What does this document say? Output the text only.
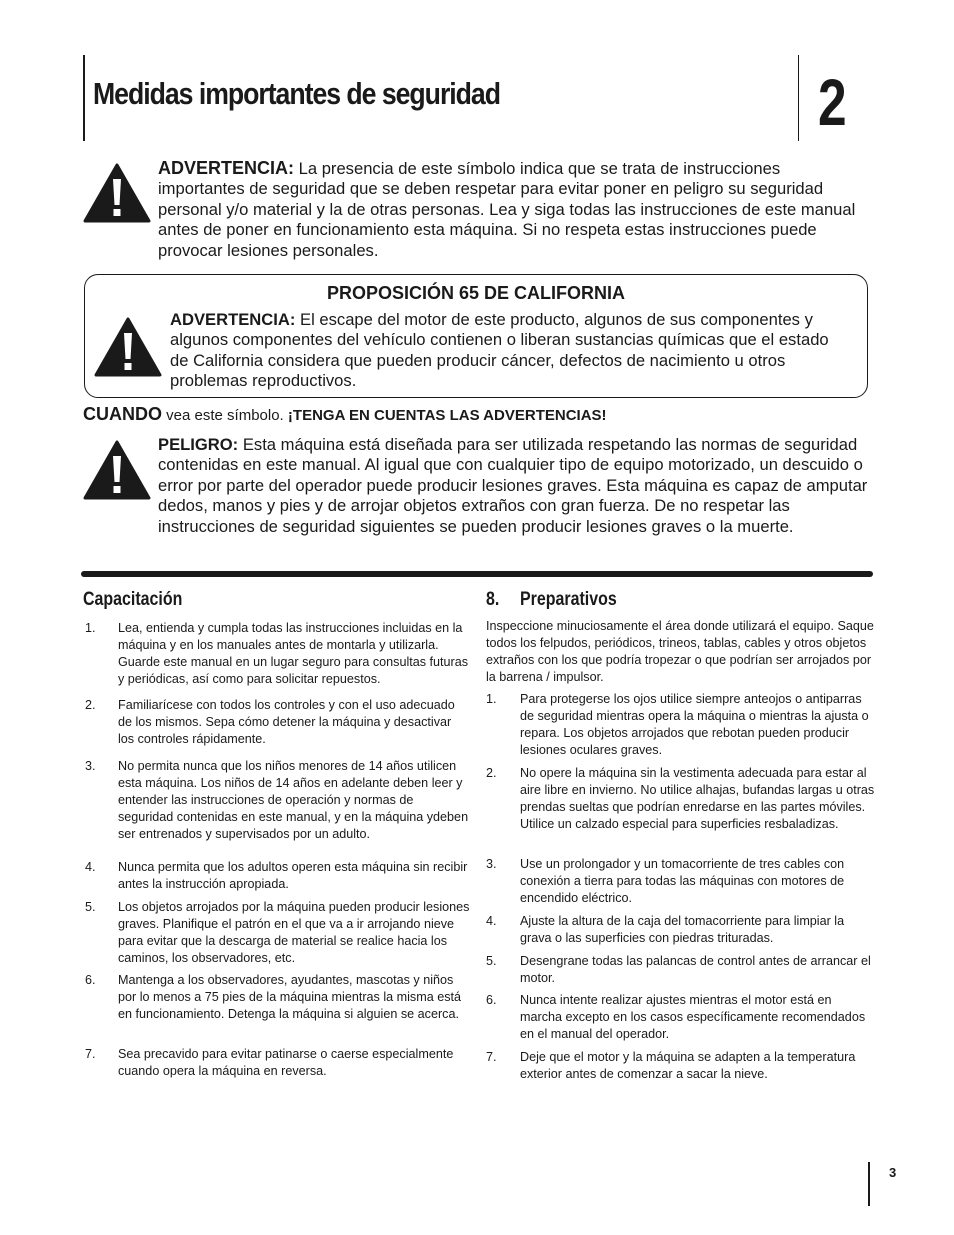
Medidas importantes de seguridad	2
ADVERTENCIA: La presencia de este símbolo indica que se trata de instrucciones importantes de seguridad que se deben respetar para evitar poner en peligro su seguridad personal y/o material y la de otras personas. Lea y siga todas las instrucciones de este manual antes de poner en funcionamiento esta máquina. Si no respeta estas instrucciones puede provocar lesiones personales.
PROPOSICIÓN 65 DE CALIFORNIA
ADVERTENCIA: El escape del motor de este producto, algunos de sus componentes y algunos componentes del vehículo contienen o liberan sustancias químicas que el estado de California considera que pueden producir cáncer, defectos de nacimiento u otros problemas reproductivos.
CUANDO vea este símbolo. ¡TENGA EN CUENTAS LAS ADVERTENCIAS!
PELIGRO: Esta máquina está diseñada para ser utilizada respetando las normas de seguridad contenidas en este manual. Al igual que con cualquier tipo de equipo motorizado, un descuido o error por parte del operador puede producir lesiones graves. Esta máquina es capaz de amputar dedos, manos y pies y de arrojar objetos extraños con gran fuerza. De no respetar las instrucciones de seguridad siguientes se pueden producir lesiones graves o la muerte.
Capacitación
1. Lea, entienda y cumpla todas las instrucciones incluidas en la máquina y en los manuales antes de montarla y utilizarla. Guarde este manual en un lugar seguro para consultas futuras y periódicas, así como para solicitar repuestos.
2. Familiarícese con todos los controles y con el uso adecuado de los mismos. Sepa cómo detener la máquina y desactivar los controles rápidamente.
3. No permita nunca que los niños menores de 14 años utilicen esta máquina. Los niños de 14 años en adelante deben leer y entender las instrucciones de operación y normas de seguridad contenidas en este manual, y en la máquina ydeben ser entrenados y supervisados por un adulto.
4. Nunca permita que los adultos operen esta máquina sin recibir antes la instrucción apropiada.
5. Los objetos arrojados por la máquina pueden producir lesiones graves. Planifique el patrón en el que va a ir arrojando nieve para evitar que la descarga de material se realice hacia los caminos, los observadores, etc.
6. Mantenga a los observadores, ayudantes, mascotas y niños por lo menos a 75 pies de la máquina mientras la misma está en funcionamiento. Detenga la máquina si alguien se acerca.
7. Sea precavido para evitar patinarse o caerse especialmente cuando opera la máquina en reversa.
8. Preparativos
Inspeccione minuciosamente el área donde utilizará el equipo. Saque todos los felpudos, periódicos, trineos, tablas, cables y otros objetos extraños con los que podría tropezar o que podrían ser arrojados por la barrena / impulsor.
1. Para protegerse los ojos utilice siempre anteojos o antiparras de seguridad mientras opera la máquina o mientras la ajusta o repara. Los objetos arrojados que rebotan pueden producir lesiones oculares graves.
2. No opere la máquina sin la vestimenta adecuada para estar al aire libre en invierno. No utilice alhajas, bufandas largas u otras prendas sueltas que podrían enredarse en las partes móviles. Utilice un calzado especial para superficies resbaladizas.
3. Use un prolongador y un tomacorriente de tres cables con conexión a tierra para todas las máquinas con motores de encendido eléctrico.
4. Ajuste la altura de la caja del tomacorriente para limpiar la grava o las superficies con piedras trituradas.
5. Desengrane todas las palancas de control antes de arrancar el motor.
6. Nunca intente realizar ajustes mientras el motor está en marcha excepto en los casos específicamente recomendados en el manual del operador.
7. Deje que el motor y la máquina se adapten a la temperatura exterior antes de comenzar a sacar la nieve.
3
